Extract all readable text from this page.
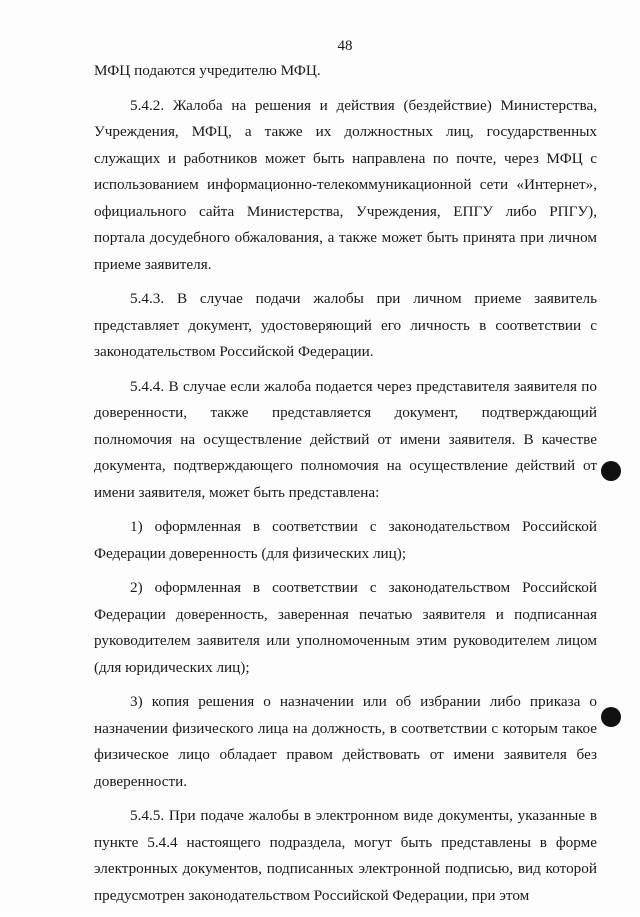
48

МФЦ подаются учредителю МФЦ.

5.4.2. Жалоба на решения и действия (бездействие) Министерства, Учреждения, МФЦ, а также их должностных лиц, государственных служащих и работников может быть направлена по почте, через МФЦ с использованием информационно-телекоммуникационной сети «Интернет», официального сайта Министерства, Учреждения, ЕПГУ либо РПГУ), портала досудебного обжалования, а также может быть принята при личном приеме заявителя.

5.4.3. В случае подачи жалобы при личном приеме заявитель представляет документ, удостоверяющий его личность в соответствии с законодательством Российской Федерации.

5.4.4. В случае если жалоба подается через представителя заявителя по доверенности, также представляется документ, подтверждающий полномочия на осуществление действий от имени заявителя. В качестве документа, подтверждающего полномочия на осуществление действий от имени заявителя, может быть представлена:

1) оформленная в соответствии с законодательством Российской Федерации доверенность (для физических лиц);

2) оформленная в соответствии с законодательством Российской Федерации доверенность, заверенная печатью заявителя и подписанная руководителем заявителя или уполномоченным этим руководителем лицом (для юридических лиц);

3) копия решения о назначении или об избрании либо приказа о назначении физического лица на должность, в соответствии с которым такое физическое лицо обладает правом действовать от имени заявителя без доверенности.

5.4.5. При подаче жалобы в электронном виде документы, указанные в пункте 5.4.4 настоящего подраздела, могут быть представлены в форме электронных документов, подписанных электронной подписью, вид которой предусмотрен законодательством Российской Федерации, при этом
